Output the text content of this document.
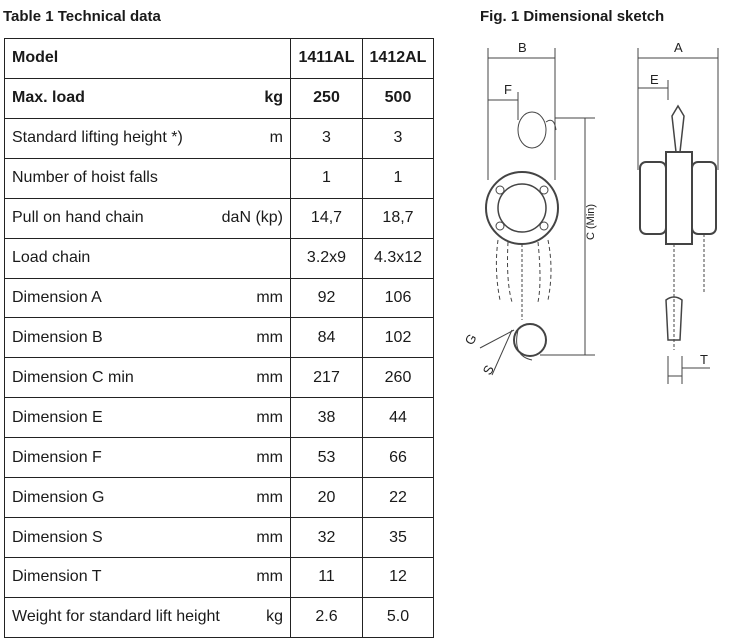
Table 1 Technical data	Fig. 1 Dimensional sketch
Model	1411AL	1412AL

Max. load kg	250	500

Standard lifting height *) m	3	3

Number of hoist falls	1	1

Pull on hand chain daN (kp)	14,7	18,7

Load chain	3.2x9	4.3x12

Dimension A mm	92	106

Dimension B mm	84	102

Dimension C min mm	217	260

Dimension E mm	38	44

Dimension F mm	53	66

Dimension G mm	20	22

Dimension S mm	32	35

Dimension T mm	11	12

Weight for standard lift height kg	2.6	5.0
B
F
C (Min)
G
S
A
E
T
